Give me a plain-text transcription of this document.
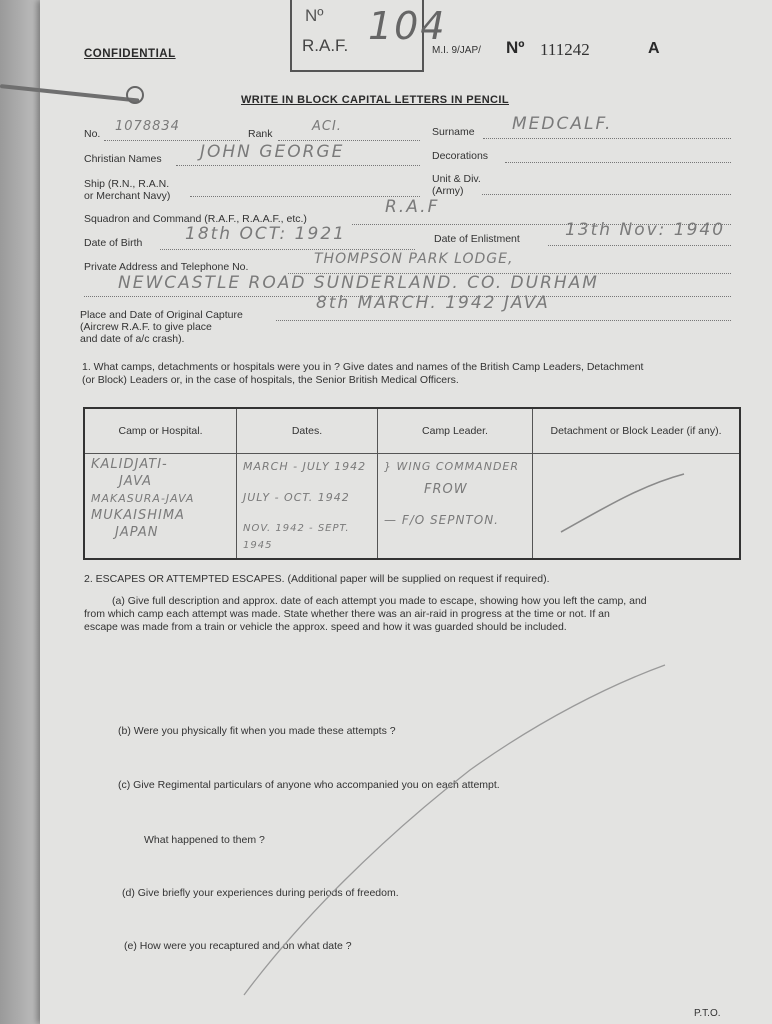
Nº
R.A.F. 104
CONFIDENTIAL	M.I. 9/JAP/ Nº 111242	A
WRITE IN BLOCK CAPITAL LETTERS IN PENCIL
No. 1078834	Rank	ACI.	Surname MEDCALF.
Christian Names JOHN GEORGE	Decorations
Ship (R.N., R.A.N.
or Merchant Navy)
Unit & Div.
(Army)
Squadron and Command (R.A.F., R.A.A.F., etc.)
R.A.F
Date of Birth	18th OCT: 1921	Date of Enlistment	13th Nov: 1940
Private Address and Telephone No.	THOMPSON PARK LODGE,
NEWCASTLE ROAD SUNDERLAND. CO. DURHAM
Place and Date of Original Capture
(Aircrew R.A.F. to give place
and date of a/c crash).
8th MARCH. 1942 JAVA
1. What camps, detachments or hospitals were you in ? Give dates and names of the British Camp Leaders, Detachment
(or Block) Leaders or, in the case of hospitals, the Senior British Medical Officers.
Camp or Hospital.	Dates.	Camp Leader.	Detachment or Block Leader (if any).

KALIDJATI-
JAVA
MAKASURA-JAVA
MUKAISHIMA
JAPAN	MARCH - JULY 1942
JULY - OCT. 1942
NOV. 1942 - SEPT. 1945	} WING COMMANDER
FROW
— F/O SEPNTON.

2. ESCAPES OR ATTEMPTED ESCAPES. (Additional paper will be supplied on request if required).
(a) Give full description and approx. date of each attempt you made to escape, showing how you left the camp, and
from which camp each attempt was made. State whether there was an air-raid in progress at the time or not. If an
escape was made from a train or vehicle the approx. speed and how it was guarded should be included.
(b) Were you physically fit when you made these attempts ?
(c) Give Regimental particulars of anyone who accompanied you on each attempt.
What happened to them ?
(d) Give briefly your experiences during periods of freedom.
(e) How were you recaptured and on what date ?
P.T.O.
